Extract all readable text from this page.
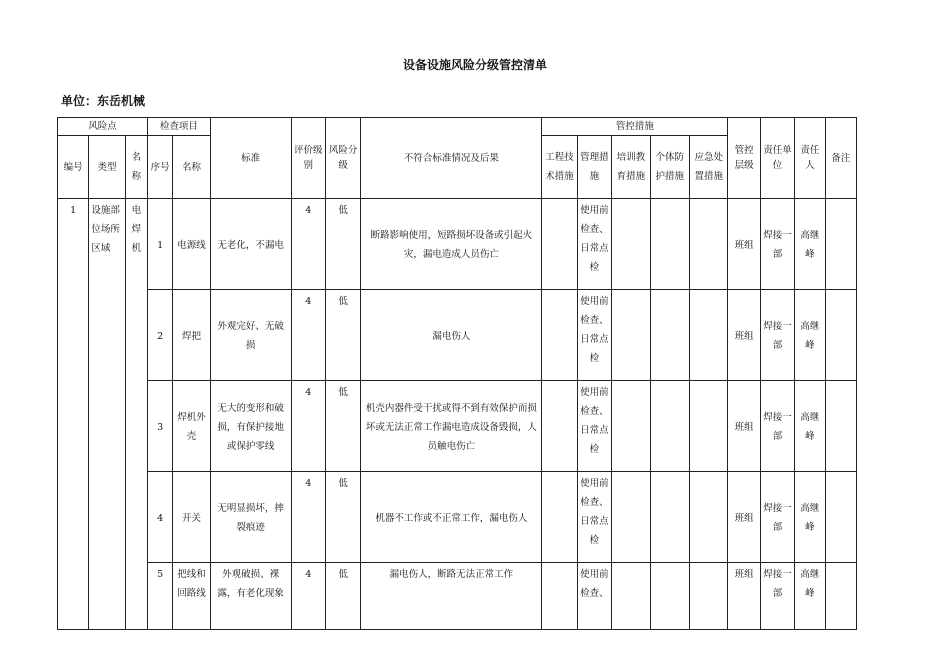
设备设施风险分级管控清单
单位：东岳机械
风险点			检查项目		标准	评价级别	风险分级	不符合标准情况及后果	管控措施					管控层级	责任单位	责任人	备注
编号	类型	名称	序号	名称					工程技术措施	管理措施	培训教育措施	个体防护措施	应急处置措施				
1	设施部位场所区域	电焊机	1	电源线	无老化，不漏电	4	低	断路影响使用，短路损坏设备或引起火灾，漏电造成人员伤亡		使用前检查、日常点检				班组	焊接一部	高继峰	
			2	焊把	外观完好、无破损	4	低	漏电伤人		使用前检查、日常点检				班组	焊接一部	高继峰	
			3	焊机外壳	无大的变形和破损，有保护接地或保护零线	4	低	机壳内器件受干扰或得不到有效保护而损坏或无法正常工作漏电造成设备毁损，人员触电伤亡		使用前检查、日常点检				班组	焊接一部	高继峰	
			4	开关	无明显损坏，摔裂痕迹	4	低	机器不工作或不正常工作，漏电伤人		使用前检查、日常点检				班组	焊接一部	高继峰	
			5	把线和回路线	外观破损、裸露，有老化现象	4	低	漏电伤人，断路无法正常工作		使用前检查、				班组	焊接一部	高继峰	
